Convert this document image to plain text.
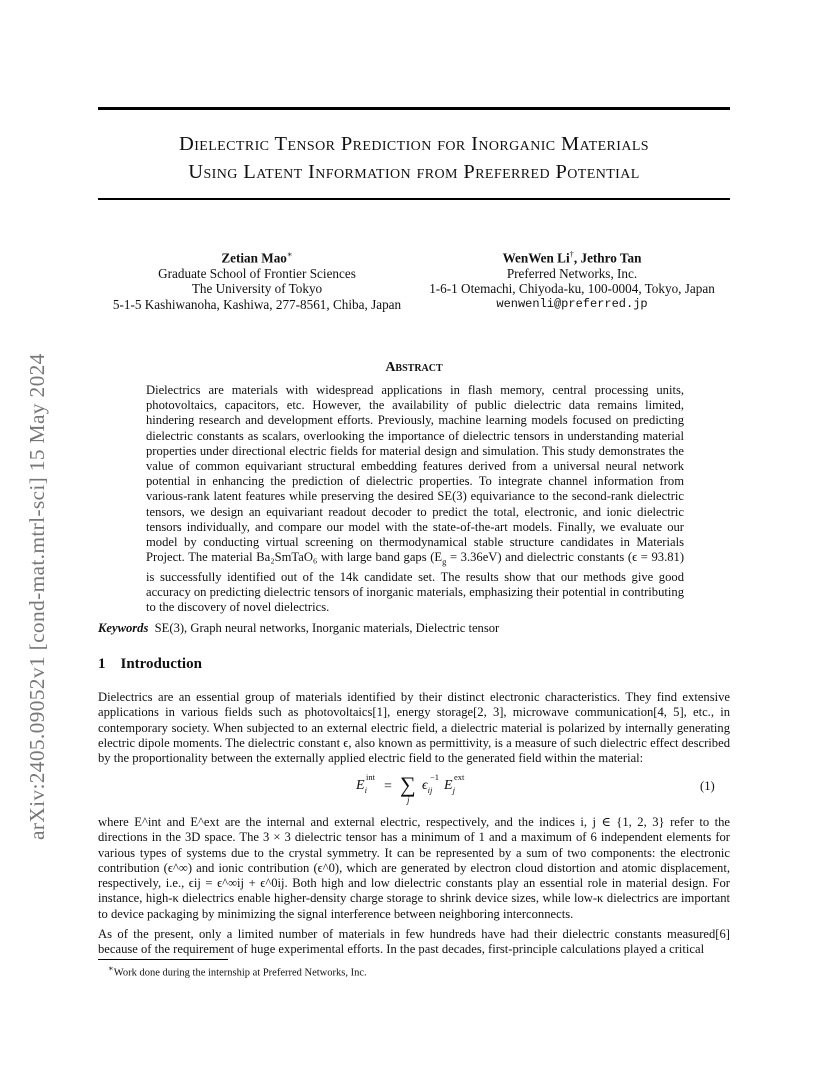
arXiv:2405.09052v1 [cond-mat.mtrl-sci] 15 May 2024
Dielectric Tensor Prediction for Inorganic Materials
Using Latent Information from Preferred Potential
Zetian Mao∗
Graduate School of Frontier Sciences
The University of Tokyo
5-1-5 Kashiwanoha, Kashiwa, 277-8561, Chiba, Japan
WenWen Li†, Jethro Tan
Preferred Networks, Inc.
1-6-1 Otemachi, Chiyoda-ku, 100-0004, Tokyo, Japan
wenwenli@preferred.jp
Abstract
Dielectrics are materials with widespread applications in flash memory, central processing units, photovoltaics, capacitors, etc. However, the availability of public dielectric data remains limited, hindering research and development efforts. Previously, machine learning models focused on predicting dielectric constants as scalars, overlooking the importance of dielectric tensors in understanding material properties under directional electric fields for material design and simulation. This study demonstrates the value of common equivariant structural embedding features derived from a universal neural network potential in enhancing the prediction of dielectric properties. To integrate channel information from various-rank latent features while preserving the desired SE(3) equivariance to the second-rank dielectric tensors, we design an equivariant readout decoder to predict the total, electronic, and ionic dielectric tensors individually, and compare our model with the state-of-the-art models. Finally, we evaluate our model by conducting virtual screening on thermodynamical stable structure candidates in Materials Project. The material Ba₂SmTaO₆ with large band gaps $(E_g = 3.36eV)$ and dielectric constants (ϵ = 93.81) is successfully identified out of the 14k candidate set. The results show that our methods give good accuracy on predicting dielectric tensors of inorganic materials, emphasizing their potential in contributing to the discovery of novel dielectrics.
Keywords SE(3), Graph neural networks, Inorganic materials, Dielectric tensor
1 Introduction
Dielectrics are an essential group of materials identified by their distinct electronic characteristics. They find extensive applications in various fields such as photovoltaics[1], energy storage[2, 3], microwave communication[4, 5], etc., in contemporary society. When subjected to an external electric field, a dielectric material is polarized by internally generating electric dipole moments. The dielectric constant ϵ, also known as permittivity, is a measure of such dielectric effect described by the proportionality between the externally applied electric field to the generated field within the material:
$E_i$
int
= ∑
j
$\epsilon_{ij}$
−1
$E_j$
ext
(1)
where E^int and E^ext are the internal and external electric, respectively, and the indices i, j ∈ {1, 2, 3} refer to the directions in the 3D space. The 3 × 3 dielectric tensor has a minimum of 1 and a maximum of 6 independent elements for various types of systems due to the crystal symmetry. It can be represented by a sum of two components: the electronic contribution (ϵ^∞) and ionic contribution (ϵ^0), which are generated by electron cloud distortion and atomic displacement, respectively, i.e., ϵij = ϵ^∞ij + ϵ^0ij. Both high and low dielectric constants play an essential role in material design. For instance, high-κ dielectrics enable higher-density charge storage to shrink device sizes, while low-κ dielectrics are important to device packaging by minimizing the signal interference between neighboring interconnects.
As of the present, only a limited number of materials in few hundreds have had their dielectric constants measured[6] because of the requirement of huge experimental efforts. In the past decades, first-principle calculations played a critical
∗Work done during the internship at Preferred Networks, Inc.
